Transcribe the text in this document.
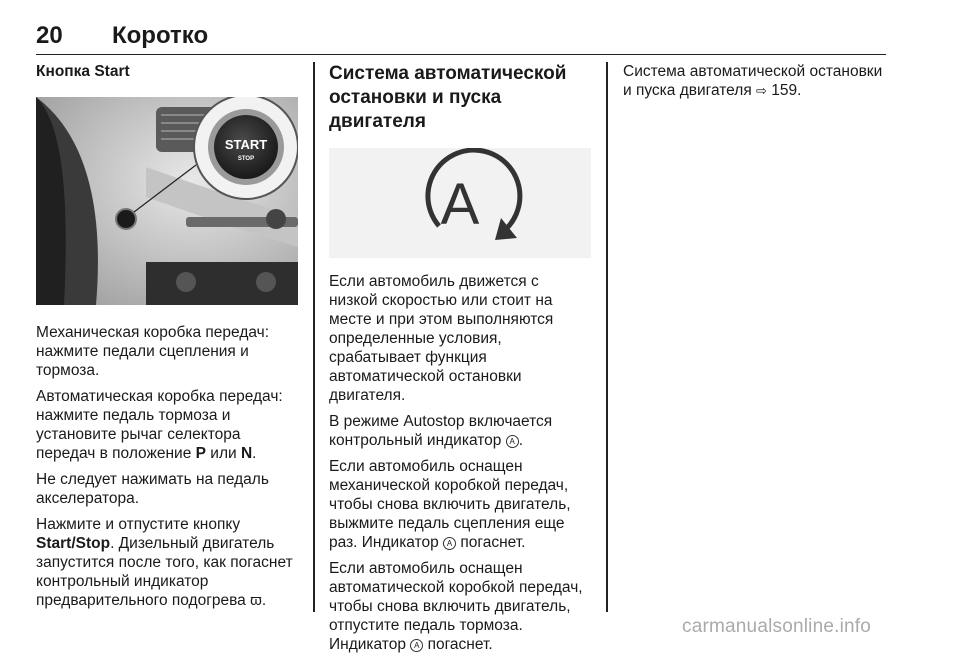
20 Коротко
Кнопка Start
START
STOP

Механическая коробка передач: нажмите педали сцепления и тормоза.

Автоматическая коробка передач: нажмите педаль тормоза и установите рычаг селектора передач в положение P или N.

Не следует нажимать на педаль акселератора.

Нажмите и отпустите кнопку Start/Stop. Дизельный двигатель запустится после того, как погаснет контрольный индикатор предварительного подогрева ϖ.

Система автоматической остановки и пуска двигателя
A

Если автомобиль движется с низкой скоростью или стоит на месте и при этом выполняются определенные условия, срабатывает функция автоматической остановки двигателя.

В режиме Autostop включается контрольный индикатор A .

Если автомобиль оснащен механической коробкой передач, чтобы снова включить двигатель, выжмите педаль сцепления еще раз. Индикатор A погаснет.

Если автомобиль оснащен автоматической коробкой передач, чтобы снова включить двигатель, отпустите педаль тормоза. Индикатор A погаснет.

Система автоматической остановки и пуска двигателя ⇨ 159.

carmanualsonline.info
